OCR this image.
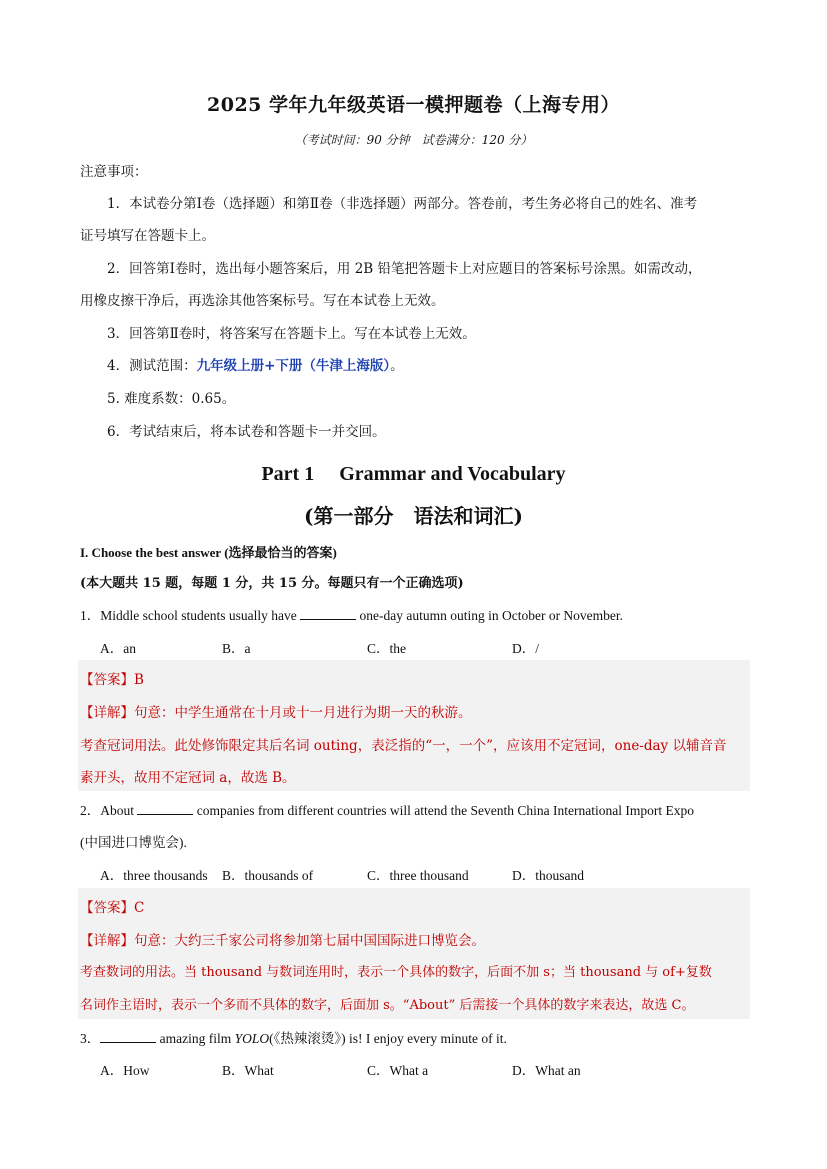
2025 学年九年级英语一模押题卷（上海专用）
（考试时间：90 分钟　试卷满分：120 分）
注意事项：
1．本试卷分第Ⅰ卷（选择题）和第Ⅱ卷（非选择题）两部分。答卷前，考生务必将自己的姓名、准考
证号填写在答题卡上。
2．回答第Ⅰ卷时，选出每小题答案后，用 2B 铅笔把答题卡上对应题目的答案标号涂黑。如需改动，
用橡皮擦干净后，再选涂其他答案标号。写在本试卷上无效。
3．回答第Ⅱ卷时，将答案写在答题卡上。写在本试卷上无效。
4．测试范围：九年级上册+下册（牛津上海版）。
5. 难度系数：0.65。
6．考试结束后，将本试卷和答题卡一并交回。
Part 1　 Grammar and Vocabulary
(第一部分　语法和词汇)
I. Choose the best answer (选择最恰当的答案)
(本大题共 15 题，每题 1 分，共 15 分。每题只有一个正确选项)
1．Middle school students usually have	one-day autumn outing in October or November.
A．an	B．a	C．the	D．/
【答案】B
【详解】句意：中学生通常在十月或十一月进行为期一天的秋游。
考查冠词用法。此处修饰限定其后名词 outing，表泛指的“一，一个”，应该用不定冠词，one-day 以辅音音
素开头，故用不定冠词 a，故选 B。
2．About	companies from different countries will attend the Seventh China International Import Expo
(中国进口博览会).
A．three thousands B．thousands of	C．three thousand	D．thousand
【答案】C
【详解】句意：大约三千家公司将参加第七届中国国际进口博览会。
考查数词的用法。当 thousand 与数词连用时，表示一个具体的数字，后面不加 s；当 thousand 与 of+复数
名词作主语时，表示一个多而不具体的数字，后面加 s。“About” 后需接一个具体的数字来表达，故选 C。
3．	amazing film YOLO(《热辣滚烫》) is! I enjoy every minute of it.
A．How	B．What	C．What a	D．What an
